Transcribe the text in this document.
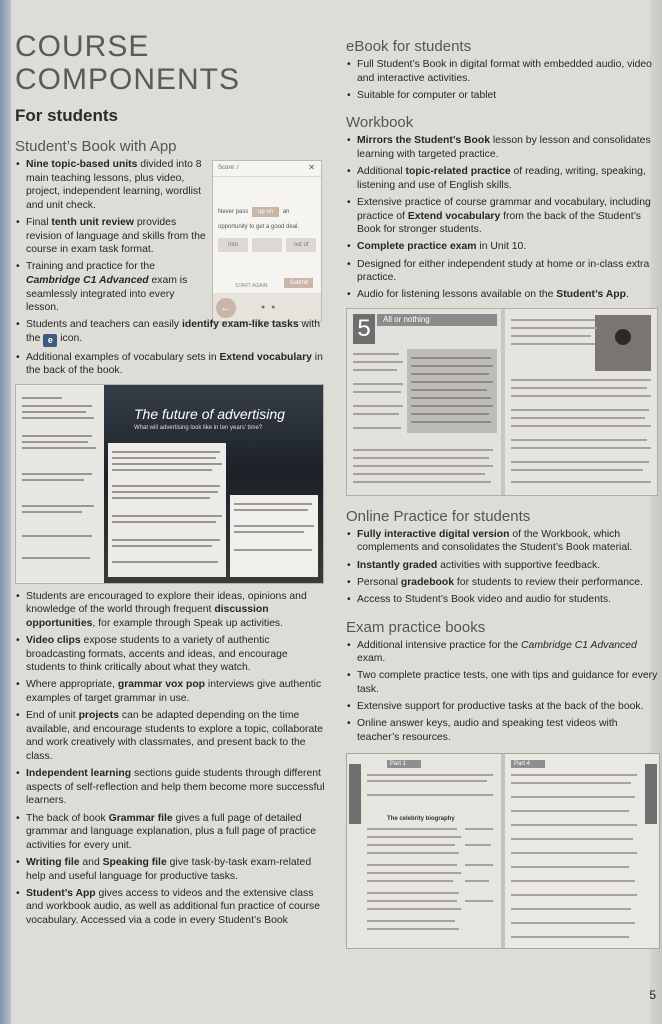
COURSE COMPONENTS
For students
Student’s Book with App
• Nine topic-based units divided into 8 main teaching lessons, plus video, project, independent learning, wordlist and unit check.
• Final tenth unit review provides revision of language and skills from the course in exam task format.
• Training and practice for the Cambridge C1 Advanced exam is seamlessly integrated into every lesson.
Score: /	✕
Never pass up on an
opportunity to get a good deal.
into	out of
START AGAIN	Submit
←	● ●
• Students and teachers can easily identify exam-like tasks with the e icon.
• Additional examples of vocabulary sets in Extend vocabulary in the back of the book.
The future of advertising
What will advertising look like in ten years' time?
• Students are encouraged to explore their ideas, opinions and knowledge of the world through frequent discussion opportunities, for example through Speak up activities.
• Video clips expose students to a variety of authentic broadcasting formats, accents and ideas, and encourage students to think critically about what they watch.
• Where appropriate, grammar vox pop interviews give authentic examples of target grammar in use.
• End of unit projects can be adapted depending on the time available, and encourage students to explore a topic, collaborate and work creatively with classmates, and present back to the class.
• Independent learning sections guide students through different aspects of self-reflection and help them become more successful learners.
• The back of book Grammar file gives a full page of detailed grammar and language explanation, plus a full page of practice activities for every unit.
• Writing file and Speaking file give task-by-task exam-related help and useful language for productive tasks.
• Student’s App gives access to videos and the extensive class and workbook audio, as well as additional fun practice of course vocabulary. Accessed via a code in every Student’s Book
eBook for students
• Full Student’s Book in digital format with embedded audio, video and interactive activities.
• Suitable for computer or tablet
Workbook
• Mirrors the Student’s Book lesson by lesson and consolidates learning with targeted practice.
• Additional topic-related practice of reading, writing, speaking, listening and use of English skills.
• Extensive practice of course grammar and vocabulary, including practice of Extend vocabulary from the back of the Student’s Book for stronger students.
• Complete practice exam in Unit 10.
• Designed for either independent study at home or in-class extra practice.
• Audio for listening lessons available on the Student’s App.
5	All or nothing
Online Practice for students
• Fully interactive digital version of the Workbook, which complements and consolidates the Student’s Book material.
• Instantly graded activities with supportive feedback.
• Personal gradebook for students to review their performance.
• Access to Student’s Book video and audio for students.
Exam practice books
• Additional intensive practice for the Cambridge C1 Advanced exam.
• Two complete practice tests, one with tips and guidance for every task.
• Extensive support for productive tasks at the back of the book.
• Online answer keys, audio and speaking test videos with teacher’s resources.
Part 1
The celebrity biography
Part 4
5
